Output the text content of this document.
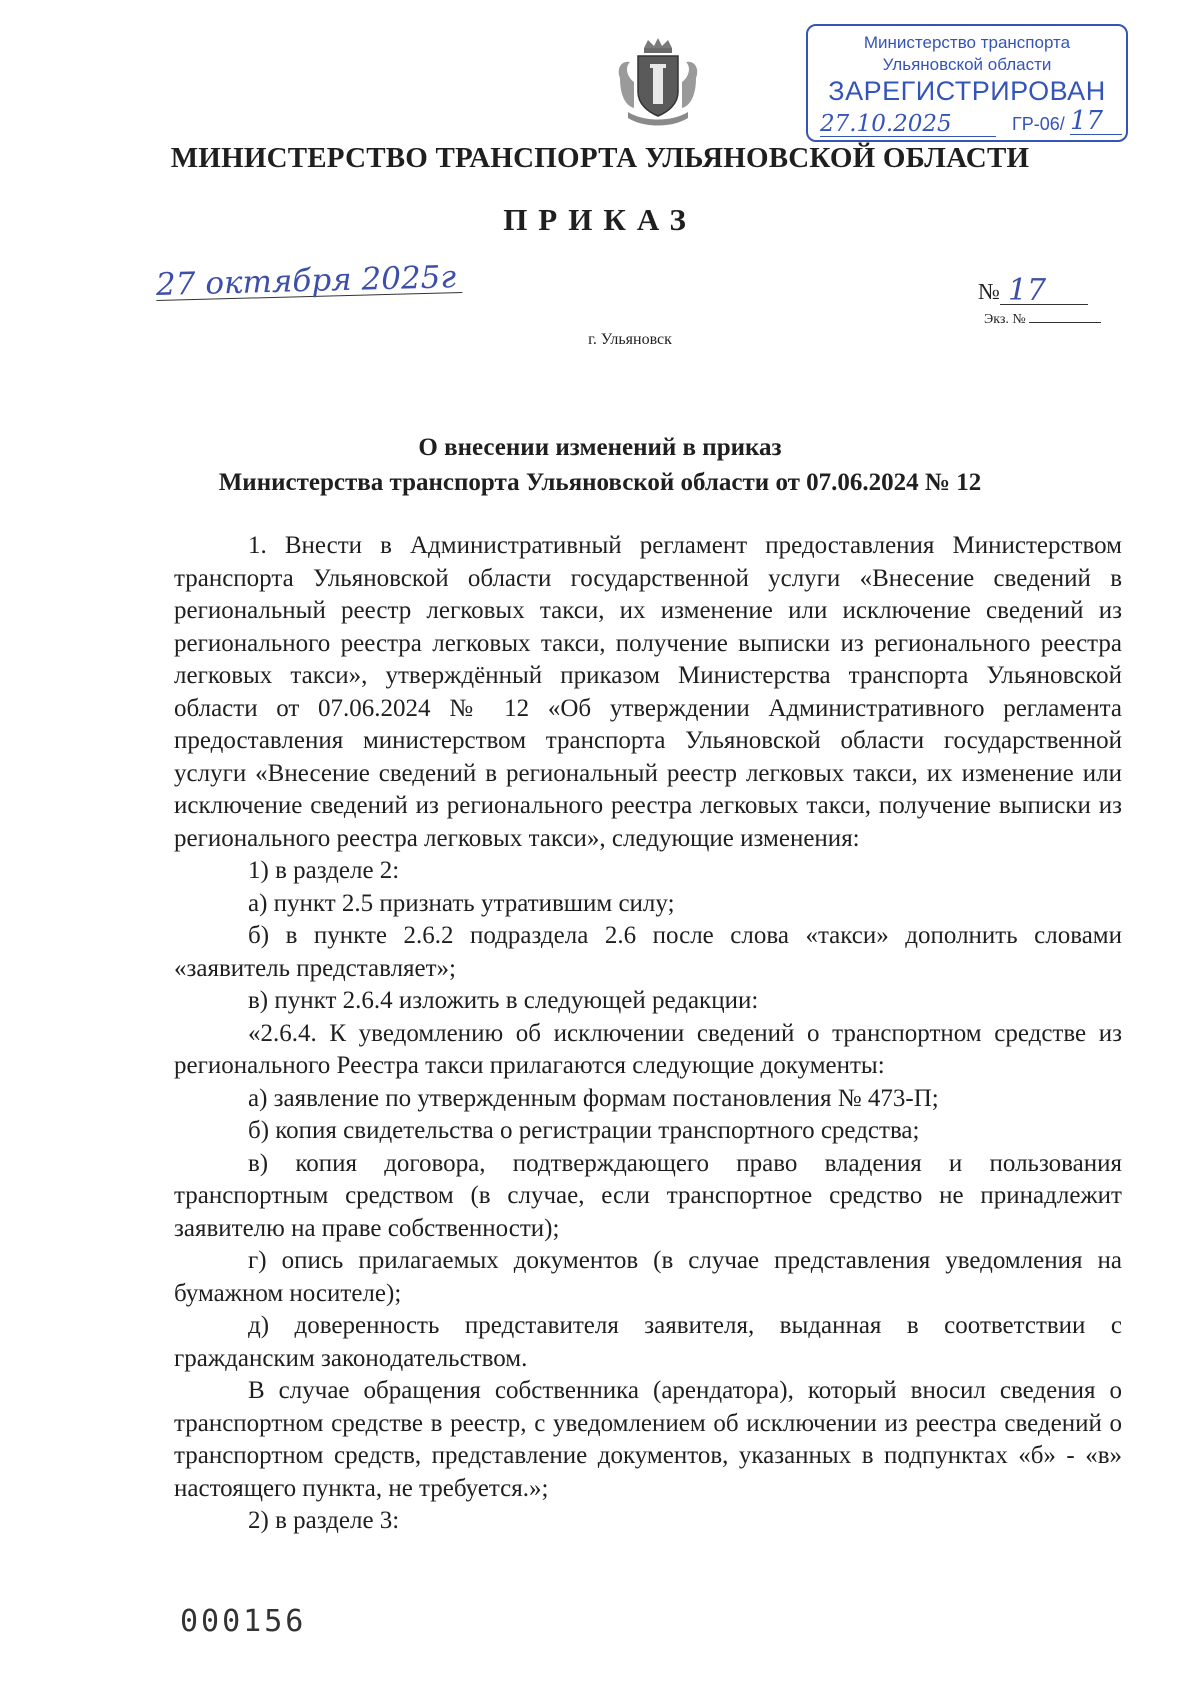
Министерство транспорта
Ульяновской области
ЗАРЕГИСТРИРОВАН
27.10.2025	ГР-06/ 17
МИНИСТЕРСТВО ТРАНСПОРТА УЛЬЯНОВСКОЙ ОБЛАСТИ
ПРИКАЗ
27 октября 2025г	№ 17
Экз. №
г. Ульяновск
О внесении изменений в приказ
Министерства транспорта Ульяновской области от 07.06.2024 № 12

1. Внести в Административный регламент предоставления Министерством транспорта Ульяновской области государственной услуги «Внесение сведений в региональный реестр легковых такси, их изменение или исключение сведений из регионального реестра легковых такси, получение выписки из регионального реестра легковых такси», утверждённый приказом Министерства транспорта Ульяновской области от 07.06.2024 № 12 «Об утверждении Административного регламента предоставления министерством транспорта Ульяновской области государственной услуги «Внесение сведений в региональный реестр легковых такси, их изменение или исключение сведений из регионального реестра легковых такси, получение выписки из регионального реестра легковых такси», следующие изменения:

1) в разделе 2:

а) пункт 2.5 признать утратившим силу;

б) в пункте 2.6.2 подраздела 2.6 после слова «такси» дополнить словами «заявитель представляет»;

в) пункт 2.6.4 изложить в следующей редакции:

«2.6.4. К уведомлению об исключении сведений о транспортном средстве из регионального Реестра такси прилагаются следующие документы:

а) заявление по утвержденным формам постановления № 473-П;

б) копия свидетельства о регистрации транспортного средства;

в) копия договора, подтверждающего право владения и пользования транспортным средством (в случае, если транспортное средство не принадлежит заявителю на праве собственности);

г) опись прилагаемых документов (в случае представления уведомления на бумажном носителе);

д) доверенность представителя заявителя, выданная в соответствии с гражданским законодательством.

В случае обращения собственника (арендатора), который вносил сведения о транспортном средстве в реестр, с уведомлением об исключении из реестра сведений о транспортном средств, представление документов, указанных в подпунктах «б» - «в» настоящего пункта, не требуется.»;

2) в разделе 3:

000156
